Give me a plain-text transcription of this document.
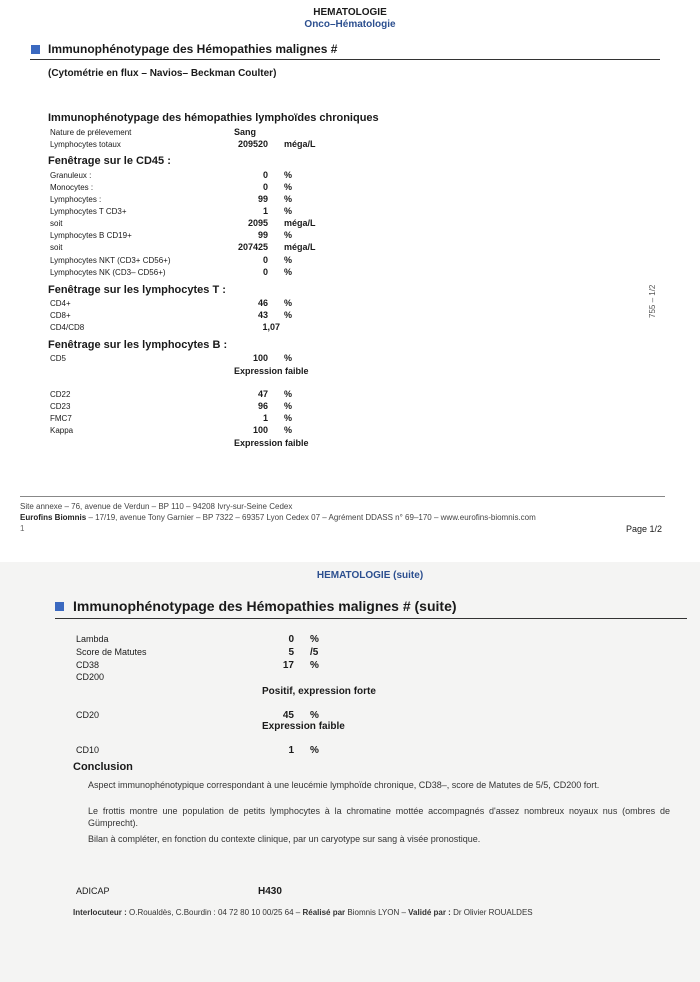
HEMATOLOGIE
Onco–Hématologie
Immunophénotypage des Hémopathies malignes #
(Cytométrie en flux – Navios– Beckman Coulter)
Immunophénotypage des hémopathies lymphoïdes chroniques
Nature de prélevement	Sang
Lymphocytes totaux	209520 méga/L
Fenêtrage sur le CD45 :
Granuleux :	0 %
Monocytes :	0 %
Lymphocytes :	99 %
Lymphocytes T CD3+	1 %
soit	2095 méga/L
Lymphocytes B CD19+	99 %
soit	207425 méga/L
Lymphocytes NKT (CD3+ CD56+)	0 %
Lymphocytes NK (CD3– CD56+)	0 %
Fenêtrage sur les lymphocytes T :
CD4+	46 %
CD8+	43 %
CD4/CD8	1,07
Fenêtrage sur les lymphocytes B :
CD5	100 %
Expression faible
CD22	47 %
CD23	96 %
FMC7	1 %
Kappa	100 %
Expression faible
755 – 1/2
Site annexe – 76, avenue de Verdun – BP 110 – 94208 Ivry-sur-Seine Cedex
Eurofins Biomnis – 17/19, avenue Tony Garnier – BP 7322 – 69357 Lyon Cedex 07 – Agrément DDASS n° 69–170 – www.eurofins-biomnis.com
1	Page 1/2
HEMATOLOGIE (suite)
Immunophénotypage des Hémopathies malignes # (suite)
Lambda	0 %
Score de Matutes	5 /5
CD38	17 %
CD200
Positif, expression forte
CD20	45 %
Expression faible
CD10	1 %
Conclusion
Aspect immunophénotypique correspondant à une leucémie lymphoïde chronique, CD38–, score de Matutes de 5/5, CD200 fort.
Le frottis montre une population de petits lymphocytes à la chromatine mottée accompagnés d'assez nombreux noyaux nus (ombres de Gümprecht).
Bilan à compléter, en fonction du contexte clinique, par un caryotype sur sang à visée pronostique.
ADICAP	H430
Interlocuteur : O.Roualdès, C.Bourdin : 04 72 80 10 00/25 64 – Réalisé par Biomnis LYON – Validé par : Dr Olivier ROUALDES
